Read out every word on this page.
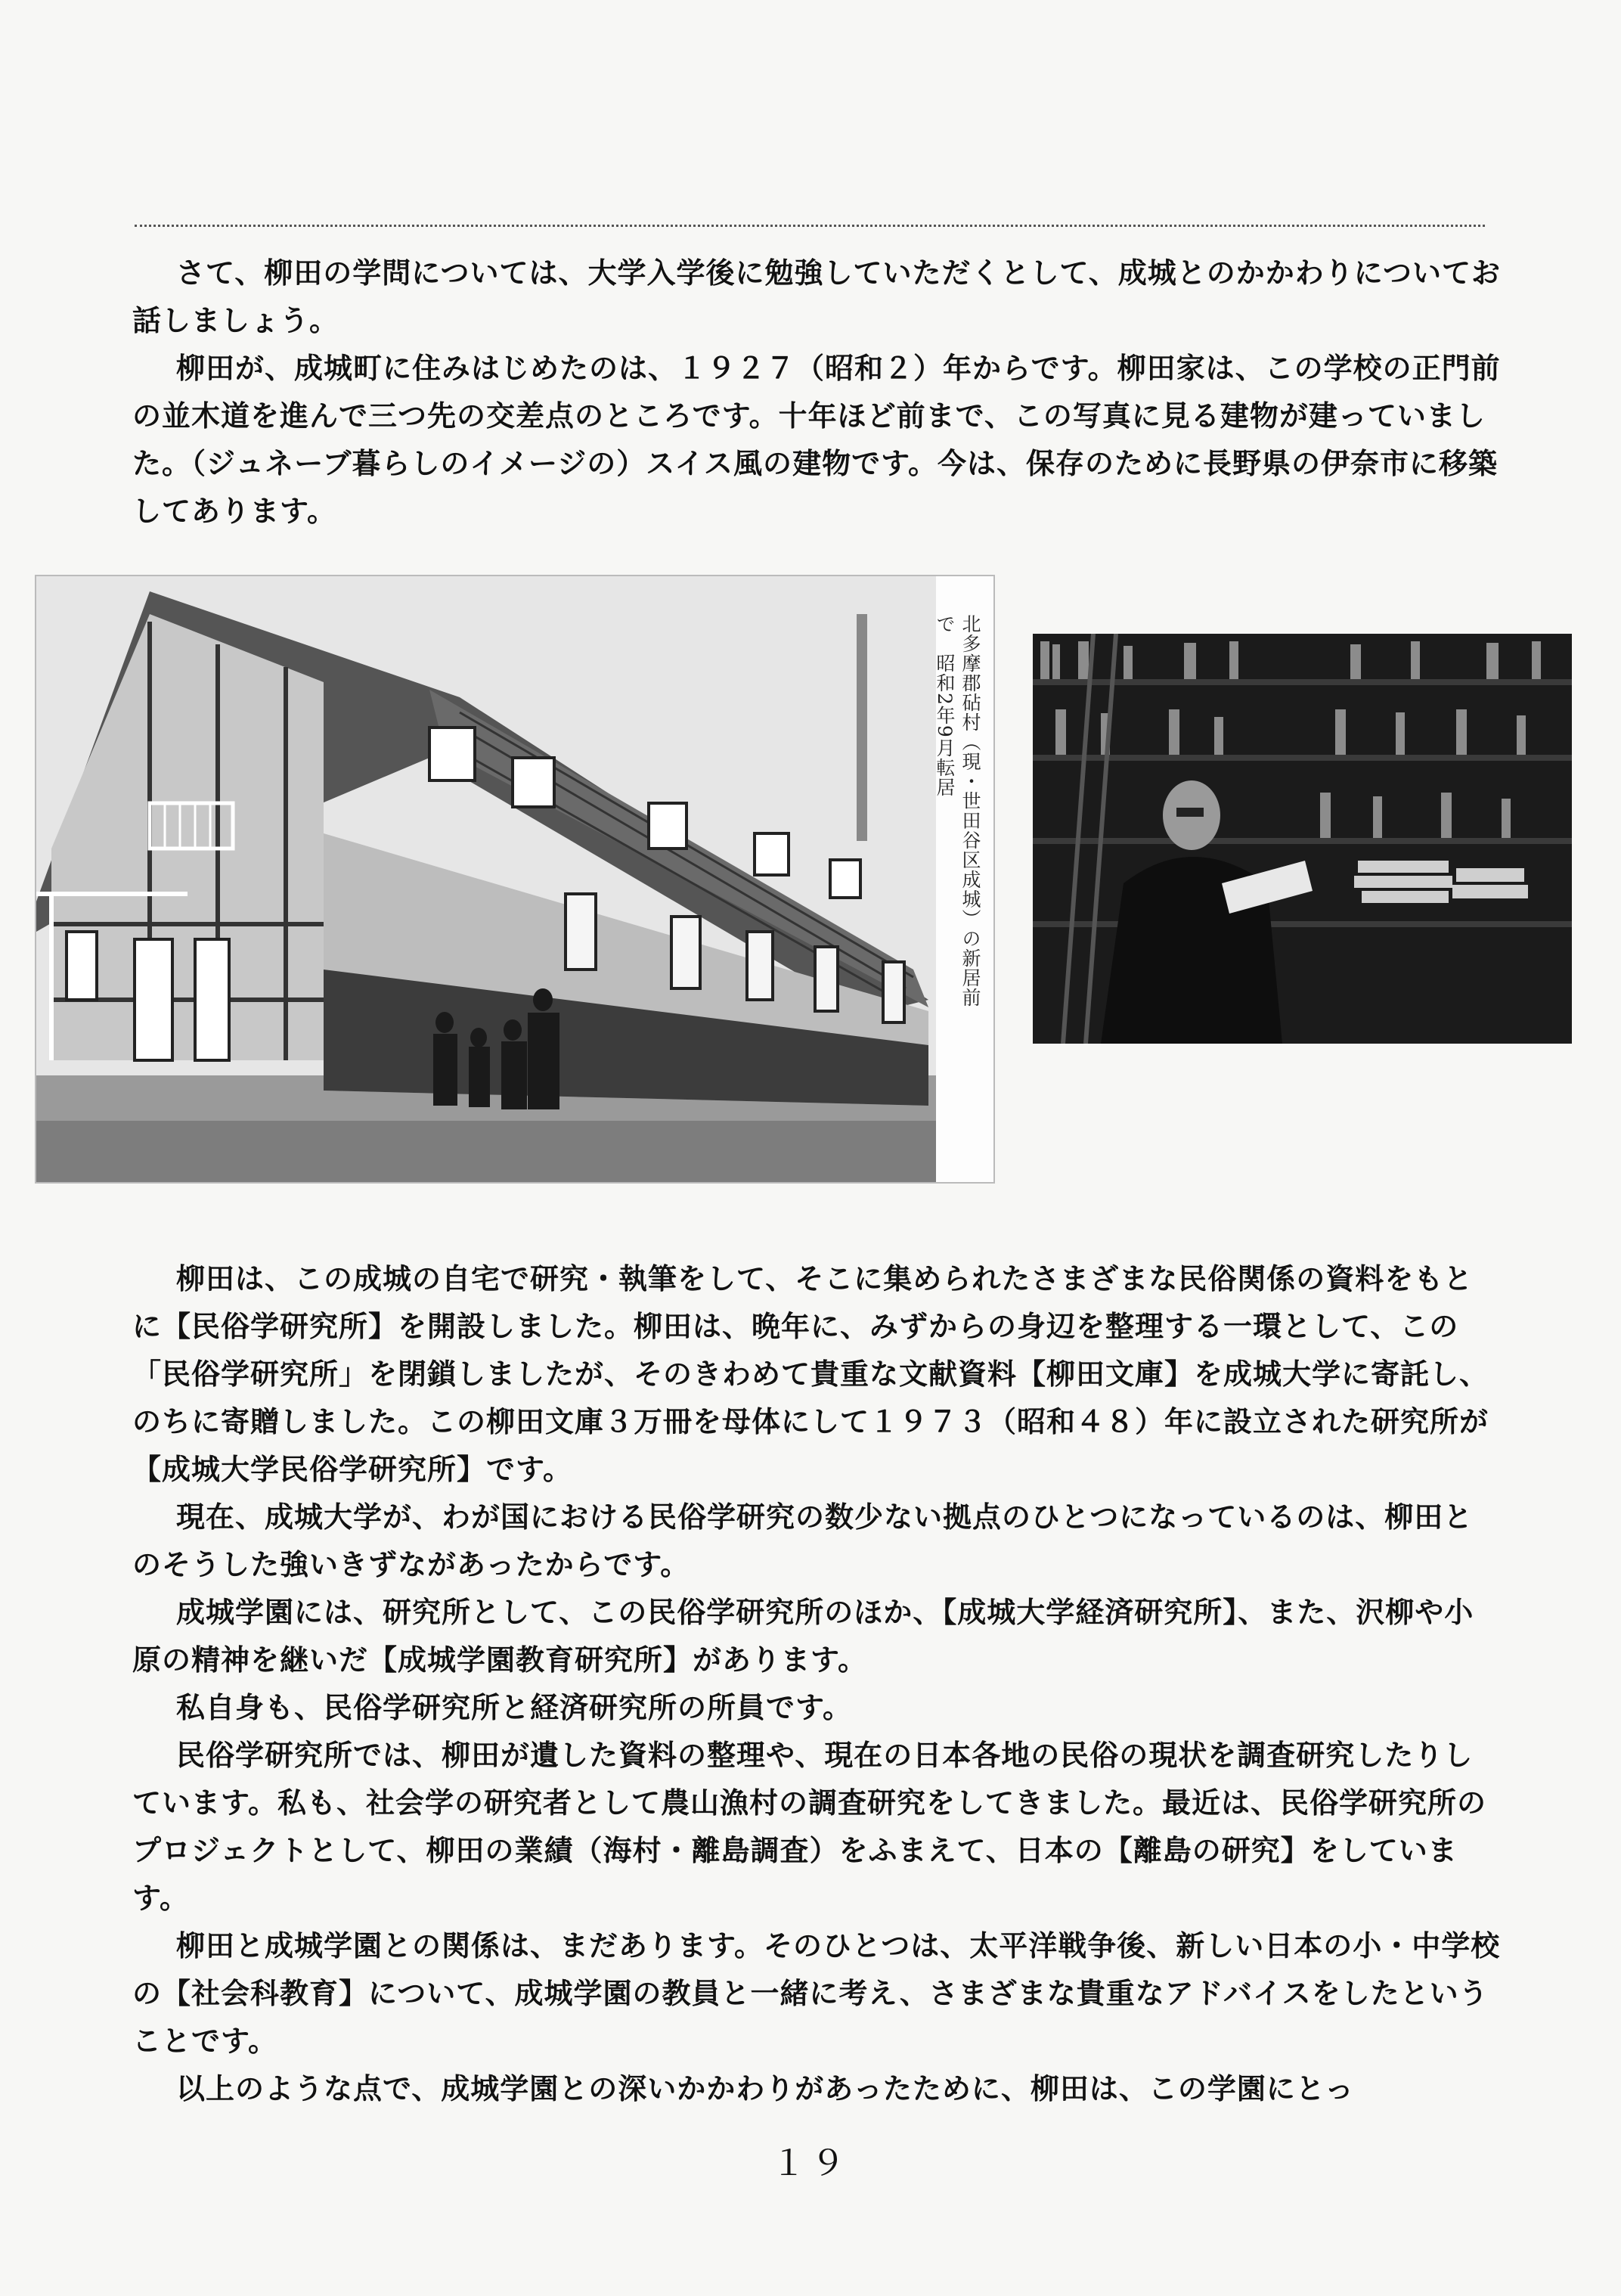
さて、柳田の学問については、大学入学後に勉強していただくとして、成城とのかかわりについてお話しましょう。

柳田が、成城町に住みはじめたのは、１９２７（昭和２）年からです。柳田家は、この学校の正門前の並木道を進んで三つ先の交差点のところです。十年ほど前まで、この写真に見る建物が建っていました。（ジュネーブ暮らしのイメージの）スイス風の建物です。今は、保存のために長野県の伊奈市に移築してあります。

北多摩郡砧村（現・世田谷区成城）の新居前で　昭和2年9月転居

柳田は、この成城の自宅で研究・執筆をして、そこに集められたさまざまな民俗関係の資料をもとに【民俗学研究所】を開設しました。柳田は、晩年に、みずからの身辺を整理する一環として、この「民俗学研究所」を閉鎖しましたが、そのきわめて貴重な文献資料【柳田文庫】を成城大学に寄託し、のちに寄贈しました。この柳田文庫３万冊を母体にして１９７３（昭和４８）年に設立された研究所が【成城大学民俗学研究所】です。

現在、成城大学が、わが国における民俗学研究の数少ない拠点のひとつになっているのは、柳田とのそうした強いきずながあったからです。

成城学園には、研究所として、この民俗学研究所のほか、【成城大学経済研究所】、また、沢柳や小原の精神を継いだ【成城学園教育研究所】があります。

私自身も、民俗学研究所と経済研究所の所員です。

民俗学研究所では、柳田が遺した資料の整理や、現在の日本各地の民俗の現状を調査研究したりしています。私も、社会学の研究者として農山漁村の調査研究をしてきました。最近は、民俗学研究所のプロジェクトとして、柳田の業績（海村・離島調査）をふまえて、日本の【離島の研究】をしています。

柳田と成城学園との関係は、まだあります。そのひとつは、太平洋戦争後、新しい日本の小・中学校の【社会科教育】について、成城学園の教員と一緒に考え、さまざまな貴重なアドバイスをしたということです。

以上のような点で、成城学園との深いかかわりがあったために、柳田は、この学園にとっ

１９
